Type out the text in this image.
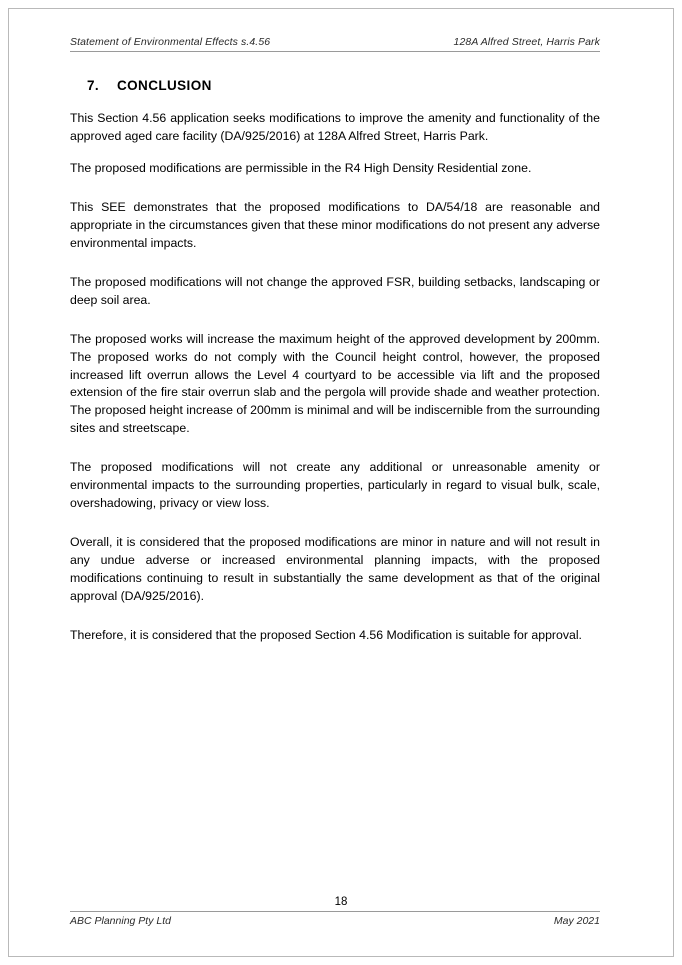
Statement of Environmental Effects s.4.56	128A Alfred Street, Harris Park
7.	CONCLUSION

This Section 4.56 application seeks modifications to improve the amenity and functionality of the approved aged care facility (DA/925/2016) at 128A Alfred Street, Harris Park.

The proposed modifications are permissible in the R4 High Density Residential zone.

This SEE demonstrates that the proposed modifications to DA/54/18 are reasonable and appropriate in the circumstances given that these minor modifications do not present any adverse environmental impacts.

The proposed modifications will not change the approved FSR, building setbacks, landscaping or deep soil area.

The proposed works will increase the maximum height of the approved development by 200mm. The proposed works do not comply with the Council height control, however, the proposed increased lift overrun allows the Level 4 courtyard to be accessible via lift and the proposed extension of the fire stair overrun slab and the pergola will provide shade and weather protection. The proposed height increase of 200mm is minimal and will be indiscernible from the surrounding sites and streetscape.

The proposed modifications will not create any additional or unreasonable amenity or environmental impacts to the surrounding properties, particularly in regard to visual bulk, scale, overshadowing, privacy or view loss.

Overall, it is considered that the proposed modifications are minor in nature and will not result in any undue adverse or increased environmental planning impacts, with the proposed modifications continuing to result in substantially the same development as that of the original approval (DA/925/2016).

Therefore, it is considered that the proposed Section 4.56 Modification is suitable for approval.

18
ABC Planning Pty Ltd	May 2021
